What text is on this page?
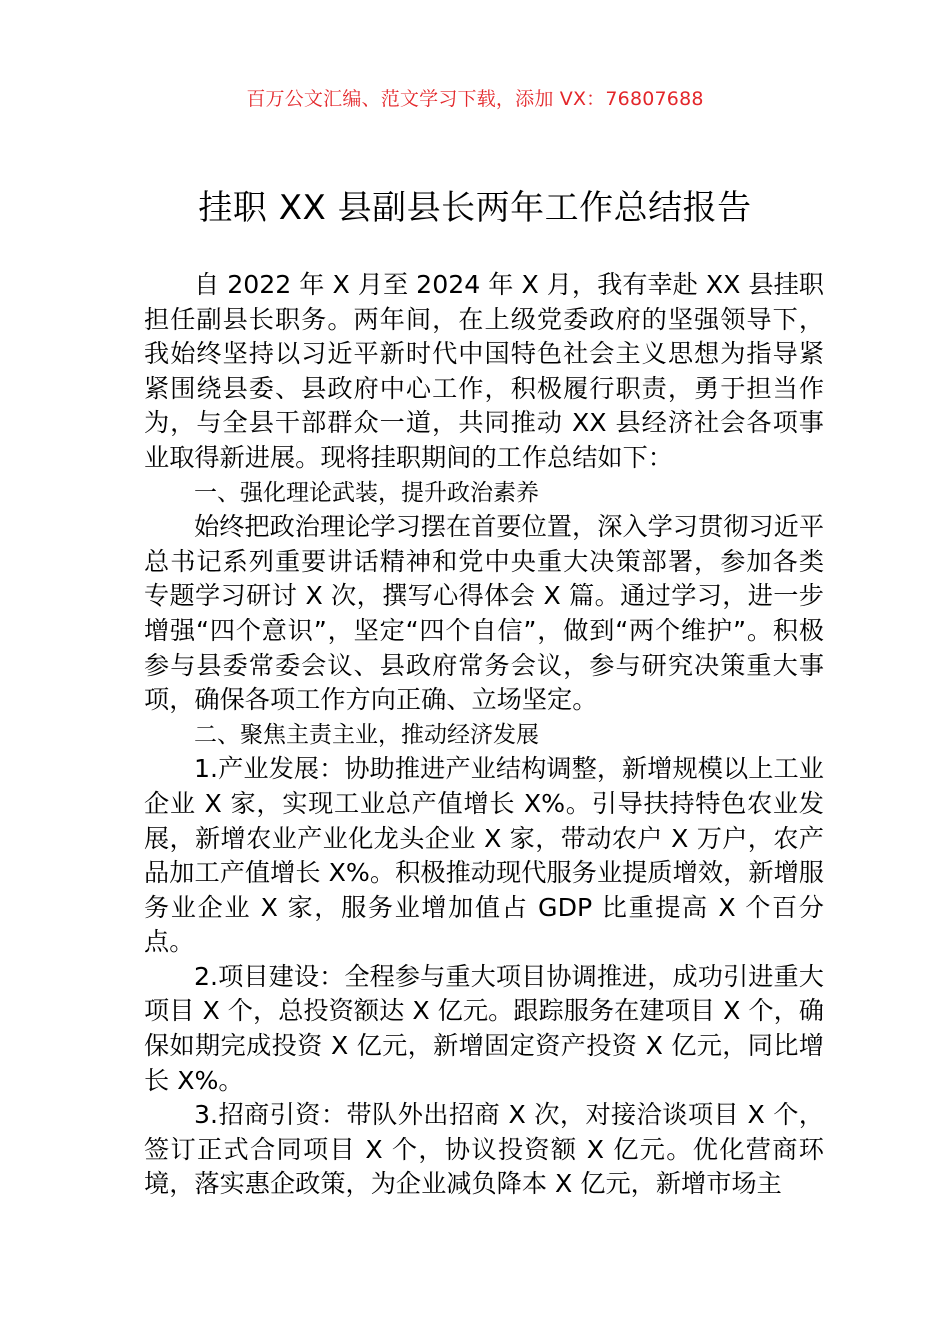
百万公文汇编、范文学习下载，添加 VX：76807688
挂职 XX 县副县长两年工作总结报告

自 2022 年 X 月至 2024 年 X 月，我有幸赴 XX 县挂职担任副县长职务。两年间，在上级党委政府的坚强领导下，我始终坚持以习近平新时代中国特色社会主义思想为指导紧紧围绕县委、县政府中心工作，积极履行职责，勇于担当作为，与全县干部群众一道，共同推动 XX 县经济社会各项事业取得新进展。现将挂职期间的工作总结如下：

一、强化理论武装，提升政治素养

始终把政治理论学习摆在首要位置，深入学习贯彻习近平总书记系列重要讲话精神和党中央重大决策部署，参加各类专题学习研讨 X 次，撰写心得体会 X 篇。通过学习，进一步增强“四个意识”，坚定“四个自信”，做到“两个维护”。积极参与县委常委会议、县政府常务会议，参与研究决策重大事项，确保各项工作方向正确、立场坚定。

二、聚焦主责主业，推动经济发展

1.产业发展：协助推进产业结构调整，新增规模以上工业企业 X 家，实现工业总产值增长 X%。引导扶持特色农业发展，新增农业产业化龙头企业 X 家，带动农户 X 万户，农产品加工产值增长 X%。积极推动现代服务业提质增效，新增服务业企业 X 家，服务业增加值占 GDP 比重提高 X 个百分点。

2.项目建设：全程参与重大项目协调推进，成功引进重大项目 X 个，总投资额达 X 亿元。跟踪服务在建项目 X 个，确保如期完成投资 X 亿元，新增固定资产投资 X 亿元，同比增长 X%。

3.招商引资：带队外出招商 X 次，对接洽谈项目 X 个，签订正式合同项目 X 个，协议投资额 X 亿元。优化营商环境，落实惠企政策，为企业减负降本 X 亿元，新增市场主
